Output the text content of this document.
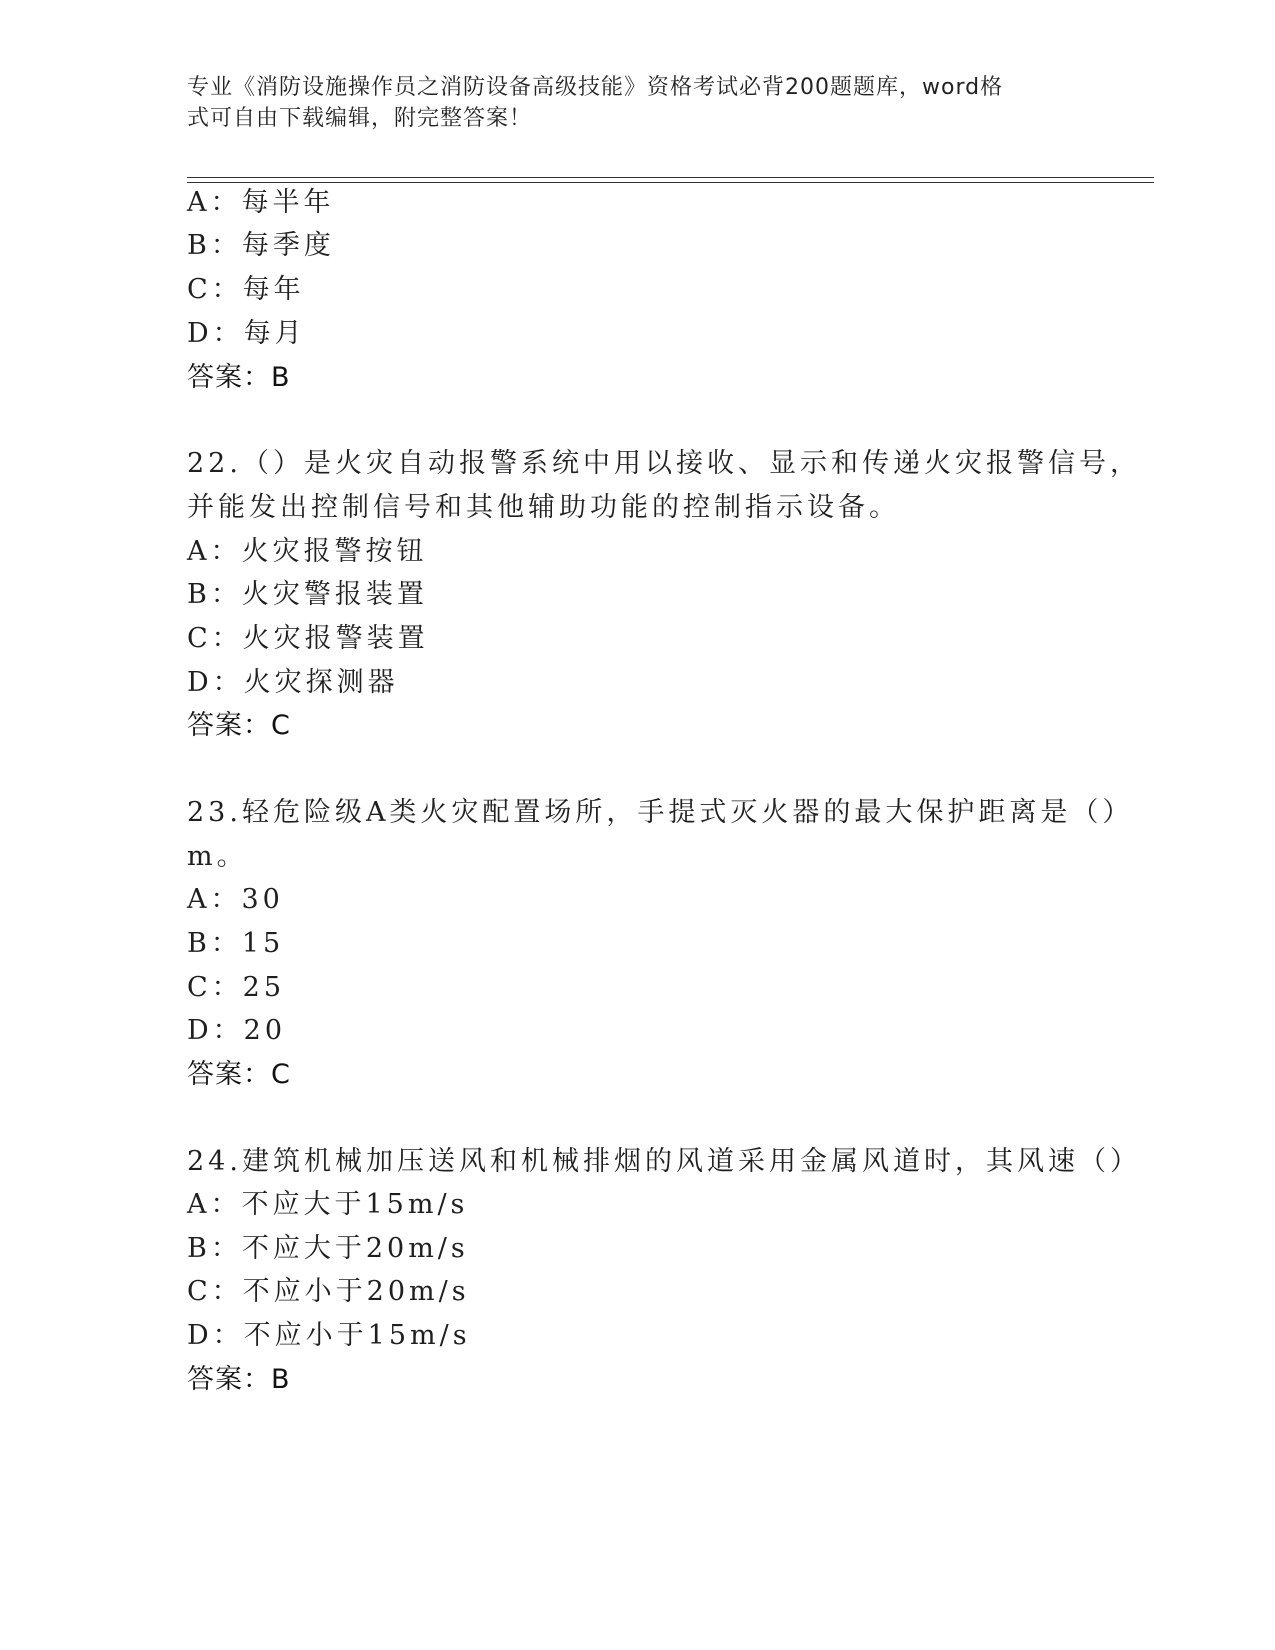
专业《消防设施操作员之消防设备高级技能》资格考试必背200题题库，word格
式可自由下载编辑，附完整答案！
A：每半年
B：每季度
C：每年
D：每月
答案：B
22.（）是火灾自动报警系统中用以接收、显示和传递火灾报警信号，
并能发出控制信号和其他辅助功能的控制指示设备。
A：火灾报警按钮
B：火灾警报装置
C：火灾报警装置
D：火灾探测器
答案：C
23.轻危险级A类火灾配置场所，手提式灭火器的最大保护距离是（）
m。
A：30
B：15
C：25
D：20
答案：C
24.建筑机械加压送风和机械排烟的风道采用金属风道时，其风速（）
A：不应大于15m/s
B：不应大于20m/s
C：不应小于20m/s
D：不应小于15m/s
答案：B
